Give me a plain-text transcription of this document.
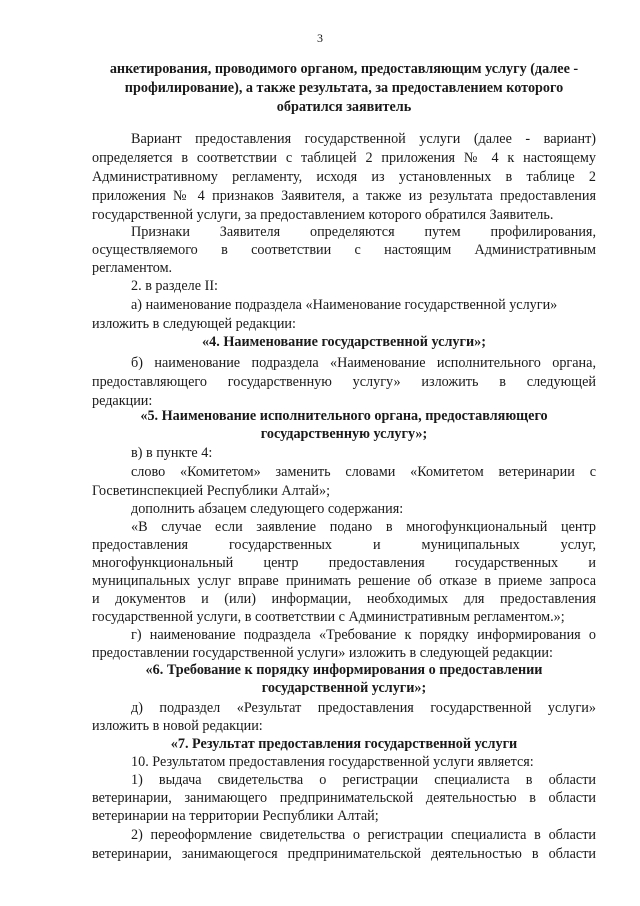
3

анкетирования, проводимого органом, предоставляющим услугу (далее -

профилирование), а также результата, за предоставлением которого

обратился заявитель

Вариант предоставления государственной услуги (далее - вариант)

определяется в соответствии с таблицей 2 приложения № 4 к настоящему

Административному регламенту, исходя из установленных в таблице 2

приложения № 4 признаков Заявителя, а также из результата предоставления

государственной услуги, за предоставлением которого обратился Заявитель.

Признаки Заявителя определяются путем профилирования,

осуществляемого в соответствии с настоящим Административным

регламентом.

2. в разделе II:

а) наименование подраздела «Наименование государственной услуги»

изложить в следующей редакции:

«4. Наименование государственной услуги»;

б) наименование подраздела «Наименование исполнительного органа,

предоставляющего государственную услугу» изложить в следующей

редакции:

«5. Наименование исполнительного органа, предоставляющего

государственную услугу»;

в) в пункте 4:

слово «Комитетом» заменить словами «Комитетом ветеринарии с

Госветинспекцией Республики Алтай»;

дополнить абзацем следующего содержания:

«В случае если заявление подано в многофункциональный центр

предоставления государственных и муниципальных услуг,

многофункциональный центр предоставления государственных и

муниципальных услуг вправе принимать решение об отказе в приеме запроса

и документов и (или) информации, необходимых для предоставления

государственной услуги, в соответствии с Административным регламентом.»;

г) наименование подраздела «Требование к порядку информирования о

предоставлении государственной услуги» изложить в следующей редакции:

«6. Требование к порядку информирования о предоставлении

государственной услуги»;

д) подраздел «Результат предоставления государственной услуги»

изложить в новой редакции:

«7. Результат предоставления государственной услуги

10. Результатом предоставления государственной услуги является:

1) выдача свидетельства о регистрации специалиста в области

ветеринарии, занимающего предпринимательской деятельностью в области

ветеринарии на территории Республики Алтай;

2) переоформление свидетельства о регистрации специалиста в области

ветеринарии, занимающегося предпринимательской деятельностью в области
